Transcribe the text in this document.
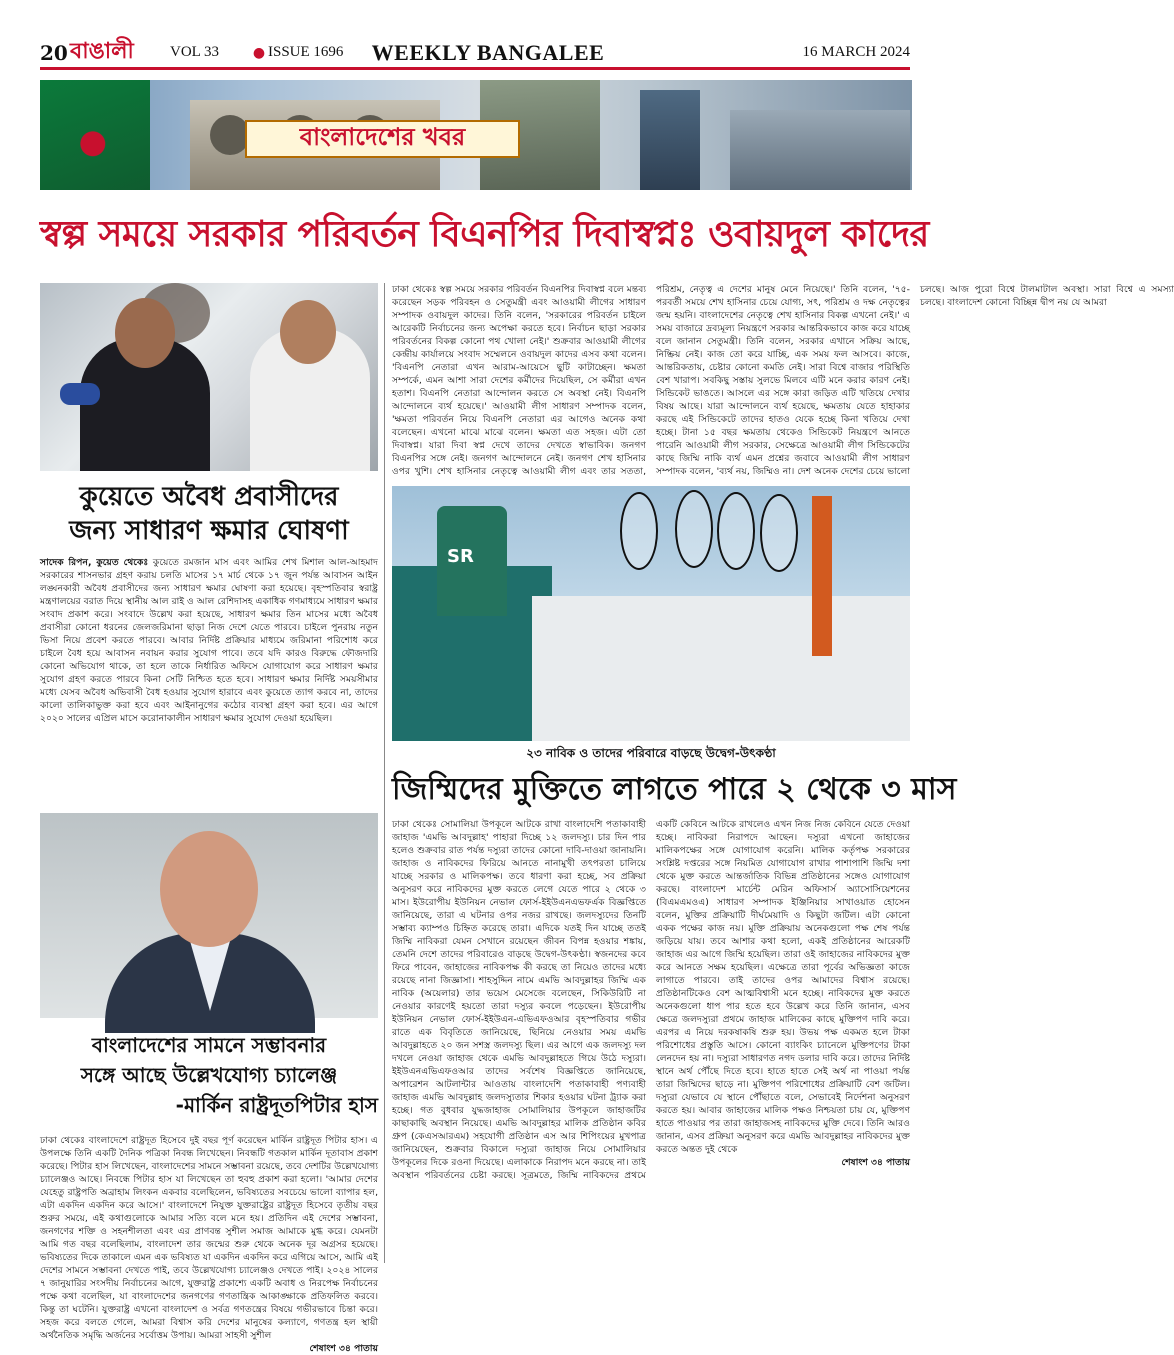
20 বাঙালী	VOL 33	● ISSUE 1696	WEEKLY BANGALEE	16 MARCH 2024
বাংলাদেশের খবর
স্বল্প সময়ে সরকার পরিবর্তন বিএনপির দিবাস্বপ্নঃ ওবায়দুল কাদের
কুয়েতে অবৈধ প্রবাসীদের
জন্য সাধারণ ক্ষমার ঘোষণা
সাদেক রিপন, কুয়েত থেকেঃ কুয়েতে রমজান মাস এবং আমির শেখ মিশাল আল-আহমাদ সরকারের শাসনভার গ্রহণ করায় চলতি মাসের ১৭ মার্চ থেকে ১৭ জুন পর্যন্ত আবাসন আইন লঙ্ঘনকারী অবৈধ প্রবাসীদের জন্য সাধারণ ক্ষমার ঘোষণা করা হয়েছে। বৃহস্পতিবার স্বরাষ্ট্র মন্ত্রণালয়ের বরাত দিয়ে স্থানীয় আল রাই ও আল রেশিদাসহ একাধিক গণমাধ্যমে সাধারণ ক্ষমার সংবাদ প্রকাশ করে। সংবাদে উল্লেখ করা হয়েছে, সাধারণ ক্ষমার তিন মাসের মধ্যে অবৈধ প্রবাসীরা কোনো ধরনের জেলজরিমানা ছাড়া নিজ দেশে যেতে পারবে। চাইলে পুনরায় নতুন ভিসা নিয়ে প্রবেশ করতে পারবে। আবার নির্দিষ্ট প্রক্রিয়ার মাধ্যমে জরিমানা পরিশোধ করে চাইলে বৈধ হয়ে আবাসন নবায়ন করার সুযোগ পাবে। তবে যদি কারও বিরুদ্ধে ফৌজদারি কোনো অভিযোগ থাকে, তা হলে তাকে নির্ধারিত অফিসে যোগাযোগ করে সাধারণ ক্ষমার সুযোগ গ্রহণ করতে পারবে কিনা সেটি নিশ্চিত হতে হবে। সাধারণ ক্ষমার নির্দিষ্ট সময়সীমার মধ্যে যেসব অবৈধ অভিবাসী বৈধ হওয়ার সুযোগ হারাবে এবং কুয়েতে ত্যাগ করবে না, তাদের কালো তালিকাভুক্ত করা হবে এবং আইনানুগের কঠোর ব্যবস্থা গ্রহণ করা হবে। এর আগে ২০২০ সালের এপ্রিল মাসে করোনাকালীন সাধারণ ক্ষমার সুযোগ দেওয়া হয়েছিল।
বাংলাদেশের সামনে সম্ভাবনার
সঙ্গে আছে উল্লেখযোগ্য চ্যালেঞ্জ
-মার্কিন রাষ্ট্রদূতপিটার হাস
ঢাকা থেকেঃ বাংলাদেশে রাষ্ট্রদূত হিসেবে দুই বছর পূর্ণ করেছেন মার্কিন রাষ্ট্রদূত পিটার হাস। এ উপলক্ষে তিনি একটি দৈনিক পত্রিকা নিবন্ধ লিখেছেন। নিবন্ধটি গতকাল মার্কিন দূতাবাস প্রকাশ করেছে। পিটার হাস লিখেছেন, বাংলাদেশের সামনে সম্ভাবনা রয়েছে, তবে দেশটির উল্লেখযোগ্য চ্যালেঞ্জও আছে। নিবন্ধে পিটার হাস যা লিখেছেন তা হুবহু প্রকাশ করা হলো। 'আমার দেশের যেহেতু রাষ্ট্রপতি অব্রাহাম লিংকন একবার বলেছিলেন, ভবিষ্যতের সবচেয়ে ভালো ব্যাপার হল, এটা একদিন একদিন করে আসে।' বাংলাদেশে নিযুক্ত যুক্তরাষ্ট্রের রাষ্ট্রদূত হিসেবে তৃতীয় বছর শুরুর সময়ে, এই কথাগুলোকে আমার সত্যি বলে মনে হয়। প্রতিদিন এই দেশের সম্ভাবনা, জনগণের শক্তি ও সহনশীলতা এবং এর প্রাণবন্ত সুশীল সমাজ আমাকে মুগ্ধ করে। যেমনটা আমি গত বছর বলেছিলাম, বাংলাদেশ তার জন্মের শুরু থেকে অনেক দূর অগ্রসর হয়েছে। ভবিষ্যতের দিকে তাকালে এমন এক ভবিষ্যত যা একদিন একদিন করে এগিয়ে আসে, আমি এই দেশের সামনে সম্ভাবনা দেখতে পাই, তবে উল্লেখযোগ্য চ্যালেঞ্জও দেখতে পাই। ২০২৪ সালের ৭ জানুয়ারির সংসদীয় নির্বাচনের আগে, যুক্তরাষ্ট্র প্রকাশ্যে একটি অবাধ ও নিরপেক্ষ নির্বাচনের পক্ষে কথা বলেছিল, যা বাংলাদেশের জনগণের গণতান্ত্রিক আকাঙ্ক্ষাকে প্রতিফলিত করবে। কিন্তু তা ঘটেনি। যুক্তরাষ্ট্র এখনো বাংলাদেশ ও সর্বত্র গণতন্ত্রের বিষয়ে গভীরভাবে চিন্তা করে। সহজ করে বলতে গেলে, আমরা বিশ্বাস করি দেশের মানুষের কল্যাণে, গণতন্ত্র হল স্থায়ী অর্থনৈতিক সমৃদ্ধি অর্জনের সর্বোত্তম উপায়। আমরা সাহসী সুশীল
শেষাংশ ৩৪ পাতায়
ঢাকা থেকেঃ স্বল্প সময়ে সরকার পরিবর্তন বিএনপির দিবাস্বপ্ন বলে মন্তব্য করেছেন সড়ক পরিবহন ও সেতুমন্ত্রী এবং আওয়ামী লীগের সাধারণ সম্পাদক ওবায়দুল কাদের। তিনি বলেন, 'সরকারের পরিবর্তন চাইলে আরেকটি নির্বাচনের জন্য অপেক্ষা করতে হবে। নির্বাচন ছাড়া সরকার পরিবর্তনের বিকল্প কোনো পথ খোলা নেই।' শুক্রবার আওয়ামী লীগের কেন্দ্রীয় কার্যালয়ে সংবাদ সম্মেলনে ওবায়দুল কাদের এসব কথা বলেন। 'বিএনপি নেতারা এখন আরাম-আয়েসে ছুটি কাটাচ্ছেন। ক্ষমতা সম্পর্কে, এমন আশা সারা দেশের কর্মীদের দিয়েছিল, সে কর্মীরা এখন হতাশ। বিএনপি নেতারা আন্দোলন করতে সে অবস্থা নেই। বিএনপি আন্দোলনে ব্যর্থ হয়েছে।' আওয়ামী লীগ সাধারণ সম্পাদক বলেন, 'ক্ষমতা পরিবর্তন নিয়ে বিএনপি নেতারা এর আগেও অনেক কথা বলেছেন। এখনো মাঝে মাঝে বলেন। ক্ষমতা এত সহজ। এটা তো দিবাস্বপ্ন। যারা দিবা স্বপ্ন দেখে তাদের দেখতে স্বাভাবিক। জনগণ বিএনপির সঙ্গে নেই। জনগণ আন্দোলনে নেই। জনগণ শেখ হাসিনার ওপর খুশি। শেখ হাসিনার নেতৃত্বে আওয়ামী লীগ এবং তার সততা, পরিশ্রম, নেতৃত্ব এ দেশের মানুষ মেনে নিয়েছে।' তিনি বলেন, '৭৫-পরবর্তী সময়ে শেখ হাসিনার চেয়ে যোগ্য, সৎ, পরিশ্রম ও দক্ষ নেতৃত্বের জন্ম হয়নি। বাংলাদেশের নেতৃত্বে শেখ হাসিনার বিকল্প এখনো নেই।' এ সময় বাজারে দ্রব্যমূল্য নিয়ন্ত্রণে সরকার আন্তরিকভাবে কাজ করে যাচ্ছে বলে জানান সেতুমন্ত্রী। তিনি বলেন, সরকার এখানে সক্রিয় আছে, নিষ্ক্রিয় নেই। কাজ তো করে যাচ্ছি, এক সময় ফল আসবে। কাজে, আন্তরিকতায়, চেষ্টার কোনো কমতি নেই। সারা বিশ্বে বাজার পরিস্থিতি বেশ খারাপ। সবকিছু সস্তায় সুলভে মিলবে এটি মনে করার কারণ নেই। সিন্ডিকেট ভাঙতে। আসলে এর সঙ্গে কারা জড়িত এটি খতিয়ে দেখার বিষয় আছে। যারা আন্দোলনে ব্যর্থ হয়েছে, ক্ষমতায় যেতে হাহাকার করছে এই সিন্ডিকেটে তাদের হাতও যেকে হচ্ছে কিনা খতিয়ে দেখা হচ্ছে। টানা ১৫ বছর ক্ষমতায় থেকেও সিন্ডিকেট নিয়ন্ত্রণে আনতে পারেনি আওয়ামী লীগ সরকার, সেক্ষেত্রে আওয়ামী লীগ সিন্ডিকেটের কাছে জিম্মি নাকি ব্যর্থ এমন প্রশ্নের জবাবে আওয়ামী লীগ সাধারণ সম্পাদক বলেন, 'ব্যর্থ নয়, জিম্মিও না। দেশ অনেক দেশের চেয়ে ভালো চলছে। আজ পুরো বিশ্বে টালমাটাল অবস্থা। সারা বিশ্বে এ সমস্যা চলছে। বাংলাদেশ কোনো বিচ্ছিন্ন দ্বীপ নয় যে আমরা
SR
২৩ নাবিক ও তাদের পরিবারে বাড়ছে উদ্বেগ-উৎকণ্ঠা
জিম্মিদের মুক্তিতে লাগতে পারে ২ থেকে ৩ মাস
ঢাকা থেকেঃ সোমালিয়া উপকূলে আটকে রাখা বাংলাদেশি পতাকাবাহী জাহাজ 'এমভি আবদুল্লাহ' পাহারা দিচ্ছে ১২ জলদস্যু। চার দিন পার হলেও শুক্রবার রাত পর্যন্ত দস্যুরা তাদের কোনো দাবি-দাওয়া জানায়নি। জাহাজ ও নাবিকদের ফিরিয়ে আনতে নানামুখী তৎপরতা চালিয়ে যাচ্ছে সরকার ও মালিকপক্ষ। তবে ধারণা করা হচ্ছে, সব প্রক্রিয়া অনুসরণ করে নাবিকদের মুক্ত করতে লেগে যেতে পারে ২ থেকে ৩ মাস। ইউরোপীয় ইউনিয়ন নেভাল ফোর্স-ইইউএনএভফর্এক বিজ্ঞপ্তিতে জানিয়েছে, তারা এ ঘটনার ওপর নজর রাখছে। জলদস্যুদের তিনটি সম্ভাব্য ক্যাম্পও চিহ্নিত করেছে তারা। এদিকে যতই দিন যাচ্ছে ততই জিম্মি নাবিকরা যেমন সেখানে রয়েছেন জীবন বিপন্ন হওয়ার শঙ্কায়, তেমনি দেশে তাদের পরিবারেও বাড়ছে উদ্বেগ-উৎকণ্ঠা। স্বজনদের কবে ফিরে পাবেন, জাহাজের নাবিকপক্ষ কী করছে তা নিয়েও তাদের মধ্যে রয়েছে নানা জিজ্ঞাসা। শাহসুদ্দিন নামে এমভি আবদুল্লাহর জিম্মি এক নাবিক (অয়েলার) তার ভয়েস মেসেজে বলেছেন, সিকিউরিটি না নেওয়ার কারণেই হয়তো তারা দস্যুর কবলে পড়েছেন। ইউরোপীয় ইউনিয়ন নেভাল ফোর্স-ইইউএন-এভিএফওআর বৃহস্পতিবার গভীর রাতে এক বিবৃতিতে জানিয়েছে, ছিনিয়ে নেওয়ার সময় এমভি আবদুল্লাহতে ২০ জন সশস্ত্র জলদস্যু ছিল। এর আগে এক জলদস্যু দল দখলে নেওয়া জাহাজ থেকে এমভি আবদুল্লাহতে গিয়ে উঠে দস্যুরা। ইইউএনএভিএফওআর তাদের সর্বশেষ বিজ্ঞপ্তিতে জানিয়েছে, অপারেশন আটলান্টার আওতায় বাংলাদেশি পতাকাবাহী পণ্যবাহী জাহাজ এমভি আবদুল্লাহ জলদস্যুতার শিকার হওয়ার ঘটনা ট্র্যাক করা হচ্ছে। গত বুধবার যুদ্ধজাহাজ সোমালিয়ার উপকূলে জাহাজটির কাছাকাছি অবস্থান নিয়েছে। এমভি আবদুল্লাহর মালিক প্রতিষ্ঠান কবির গ্রুপ (কেএসআরএম) সহযোগী প্রতিষ্ঠান এস আর শিপিংয়ের মুখপাত্র জানিয়েছেন, শুক্রবার বিকালে দস্যুরা জাহাজ নিয়ে সোমালিয়ার উপকূলের দিকে রওনা দিয়েছে। এলাকাকে নিরাপদ মনে করছে না। তাই অবস্থান পরিবর্তনের চেষ্টা করছে। সূত্রমতে, জিম্মি নাবিকদের প্রথমে একটি কেবিনে আটকে রাখলেও এখন নিজ নিজ কেবিনে যেতে দেওয়া হচ্ছে। নাবিকরা নিরাপদে আছেন। দস্যুরা এখনো জাহাজের মালিকপক্ষের সঙ্গে যোগাযোগ করেনি। মালিক কর্তৃপক্ষ সরকারের সংশ্লিষ্ট দপ্তরের সঙ্গে নিয়মিত যোগাযোগ রাখার পাশাপাশি জিম্মি দশা থেকে মুক্ত করতে আন্তর্জাতিক বিভিন্ন প্রতিষ্ঠানের সঙ্গেও যোগাযোগ করছে। বাংলাদেশ মার্চেন্ট মেরিন অফিসার্স অ্যাসোসিয়েশনের (বিএমএমওএ) সাধারণ সম্পাদক ইঞ্জিনিয়ার সাখাওয়াত হোসেন বলেন, মুক্তির প্রক্রিয়াটি দীর্ঘমেয়াদি ও কিছুটা জটিল। এটা কোনো একক পক্ষের কাজ নয়। মুক্তি প্রক্রিয়ায় অনেকগুলো পক্ষ শেষ পর্যন্ত জড়িয়ে যায়। তবে আশার কথা হলো, একই প্রতিষ্ঠানের আরেকটি জাহাজ এর আগে জিম্মি হয়েছিল। তারা ওই জাহাজের নাবিকদের মুক্ত করে আনতে সক্ষম হয়েছিল। এক্ষেত্রে তারা পূর্বের অভিজ্ঞতা কাজে লাগাতে পারবে। তাই তাদের ওপর আমাদের বিশ্বাস রয়েছে। প্রতিষ্ঠানটিকেও বেশ আত্মবিশ্বাসী মনে হচ্ছে। নাবিকদের মুক্ত করতে অনেকগুলো ধাপ পার হতে হবে উল্লেখ করে তিনি জানান, এসব ক্ষেত্রে জলদস্যুরা প্রথমে জাহাজ মালিকের কাছে মুক্তিপণ দাবি করে। এরপর এ নিয়ে দরকষাকষি শুরু হয়। উভয় পক্ষ একমত হলে টাকা পরিশোধের প্রস্তুতি আসে। কোনো ব্যাংকিং চ্যানেলে মুক্তিপণের টাকা লেনদেন হয় না। দস্যুরা সাধারণত নগদ ডলার দাবি করে। তাদের নির্দিষ্ট স্থানে অর্থ পৌঁছে দিতে হবে। হাতে হাতে সেই অর্থ না পাওয়া পর্যন্ত তারা জিম্মিদের ছাড়ে না। মুক্তিপণ পরিশোধের প্রক্রিয়াটি বেশ জটিল। দস্যুরা যেভাবে যে স্থানে পৌঁছাতে বলে, সেভাবেই নির্দেশনা অনুসরণ করতে হয়। আবার জাহাজের মালিক পক্ষও নিশ্চয়তা চায় যে, মুক্তিপণ হাতে পাওয়ার পর তারা জাহাজসহ নাবিকদের মুক্তি দেবে। তিনি আরও জানান, এসব প্রক্রিয়া অনুসরণ করে এমভি আবদুল্লাহর নাবিকদের মুক্ত করতে অন্তত দুই থেকে
শেষাংশ ৩৪ পাতায়
